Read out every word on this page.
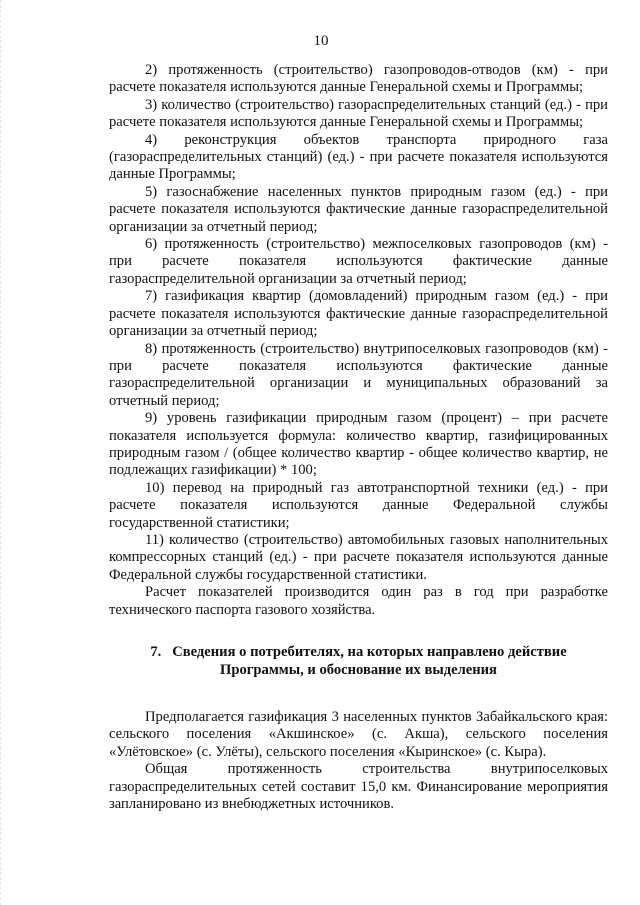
10

2) протяженность (строительство) газопроводов-отводов (км) - при расчете показателя используются данные Генеральной схемы и Программы;

3) количество (строительство) газораспределительных станций (ед.) - при расчете показателя используются данные Генеральной схемы и Программы;

4) реконструкция объектов транспорта природного газа (газораспределительных станций) (ед.) - при расчете показателя используются данные Программы;

5) газоснабжение населенных пунктов природным газом (ед.) - при расчете показателя используются фактические данные газораспределительной организации за отчетный период;

6) протяженность (строительство) межпоселковых газопроводов (км) - при расчете показателя используются фактические данные газораспределительной организации за отчетный период;

7) газификация квартир (домовладений) природным газом (ед.) - при расчете показателя используются фактические данные газораспределительной организации за отчетный период;

8) протяженность (строительство) внутрипоселковых газопроводов (км) - при расчете показателя используются фактические данные газораспределительной организации и муниципальных образований за отчетный период;

9) уровень газификации природным газом (процент) – при расчете показателя используется формула: количество квартир, газифицированных природным газом / (общее количество квартир - общее количество квартир, не подлежащих газификации) * 100;

10) перевод на природный газ автотранспортной техники (ед.) - при расчете показателя используются данные Федеральной службы государственной статистики;

11) количество (строительство) автомобильных газовых наполнительных компрессорных станций (ед.) - при расчете показателя используются данные Федеральной службы государственной статистики.

Расчет показателей производится один раз в год при разработке технического паспорта газового хозяйства.

7.   Сведения о потребителях, на которых направлено действие
Программы, и обоснование их выделения

Предполагается газификация 3 населенных пунктов Забайкальского края: сельского поселения «Акшинское» (с. Акша), сельского поселения «Улётовское» (с. Улёты), сельского поселения «Кыринское» (с. Кыра).

Общая протяженность строительства внутрипоселковых газораспределительных сетей составит 15,0 км. Финансирование мероприятия запланировано из внебюджетных источников.
